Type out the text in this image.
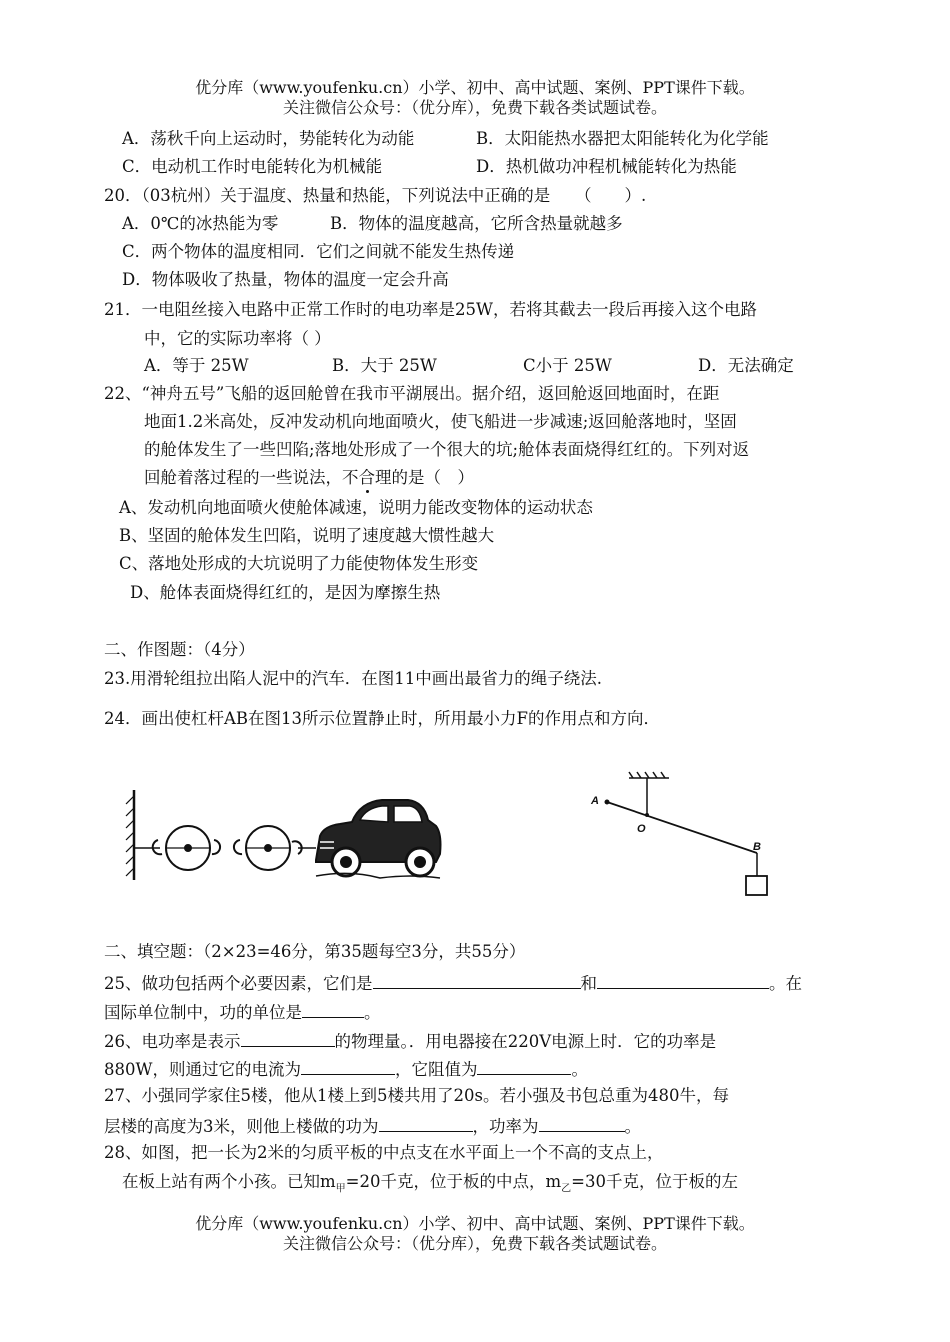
优分库（www.youfenku.cn）小学、初中、高中试题、案例、PPT课件下载。
关注微信公众号：（优分库），免费下载各类试题试卷。
A．荡秋千向上运动时，势能转化为动能	B．太阳能热水器把太阳能转化为化学能
C．电动机工作时电能转化为机械能	D．热机做功冲程机械能转化为热能
20．（03杭州）关于温度、热量和热能，下列说法中正确的是　　（　　）.
A．0℃的冰热能为零	B．物体的温度越高，它所含热量就越多
C．两个物体的温度相同．它们之间就不能发生热传递
D．物体吸收了热量，物体的温度一定会升高
21．一电阻丝接入电路中正常工作时的电功率是25W，若将其截去一段后再接入这个电路
中，它的实际功率将（ ）
A．等于 25W	B．大于 25W	C小于 25W	D．无法确定
22、“神舟五号”飞船的返回舱曾在我市平湖展出。据介绍，返回舱返回地面时，在距
地面1.2米高处，反冲发动机向地面喷火，使飞船进一步减速;返回舱落地时，坚固
的舱体发生了一些凹陷;落地处形成了一个很大的坑;舱体表面烧得红红的。下列对返
回舱着落过程的一些说法，不合理的是（　）
A、发动机向地面喷火使舱体减速，说明力能改变物体的运动状态
B、坚固的舱体发生凹陷，说明了速度越大惯性越大
C、落地处形成的大坑说明了力能使物体发生形变
D、舱体表面烧得红红的，是因为摩擦生热
二、作图题：（4分）
23.用滑轮组拉出陷人泥中的汽车．在图11中画出最省力的绳子绕法.
24．画出使杠杆AB在图13所示位置静止时，所用最小力F的作用点和方向．
A
O
B
二、填空题：（2×23=46分，第35题每空3分，共55分）
25、做功包括两个必要因素，它们是	和	。在
国际单位制中，功的单位是	。
26、电功率是表示	的物理量。．用电器接在220V电源上时．它的功率是
880W，则通过它的电流为	，它阻值为	。
27、小强同学家住5楼，他从1楼上到5楼共用了20s。若小强及书包总重为480牛，每
层楼的高度为3米，则他上楼做的功为	，功率为	。
28、如图，把一长为2米的匀质平板的中点支在水平面上一个不高的支点上，
在板上站有两个小孩。已知$m_甲=20$千克，位于板的中点，$m_乙=30$千克，位于板的左
优分库（www.youfenku.cn）小学、初中、高中试题、案例、PPT课件下载。
关注微信公众号：（优分库），免费下载各类试题试卷。
